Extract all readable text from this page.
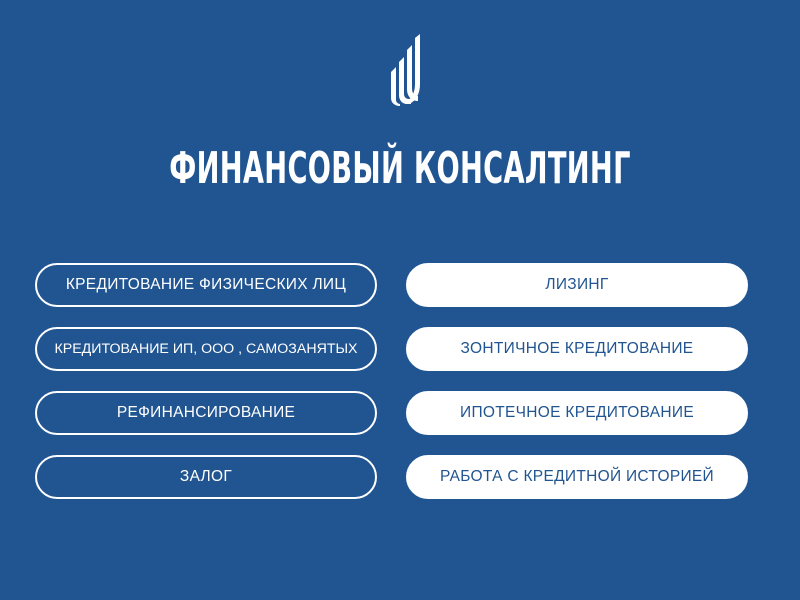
ФИНАНСОВЫЙ КОНСАЛТИНГ
КРЕДИТОВАНИЕ ФИЗИЧЕСКИХ ЛИЦ
КРЕДИТОВАНИЕ ИП, ООО , САМОЗАНЯТЫХ
РЕФИНАНСИРОВАНИЕ
ЗАЛОГ
ЛИЗИНГ
ЗОНТИЧНОЕ КРЕДИТОВАНИЕ
ИПОТЕЧНОЕ КРЕДИТОВАНИЕ
РАБОТА С КРЕДИТНОЙ ИСТОРИЕЙ
